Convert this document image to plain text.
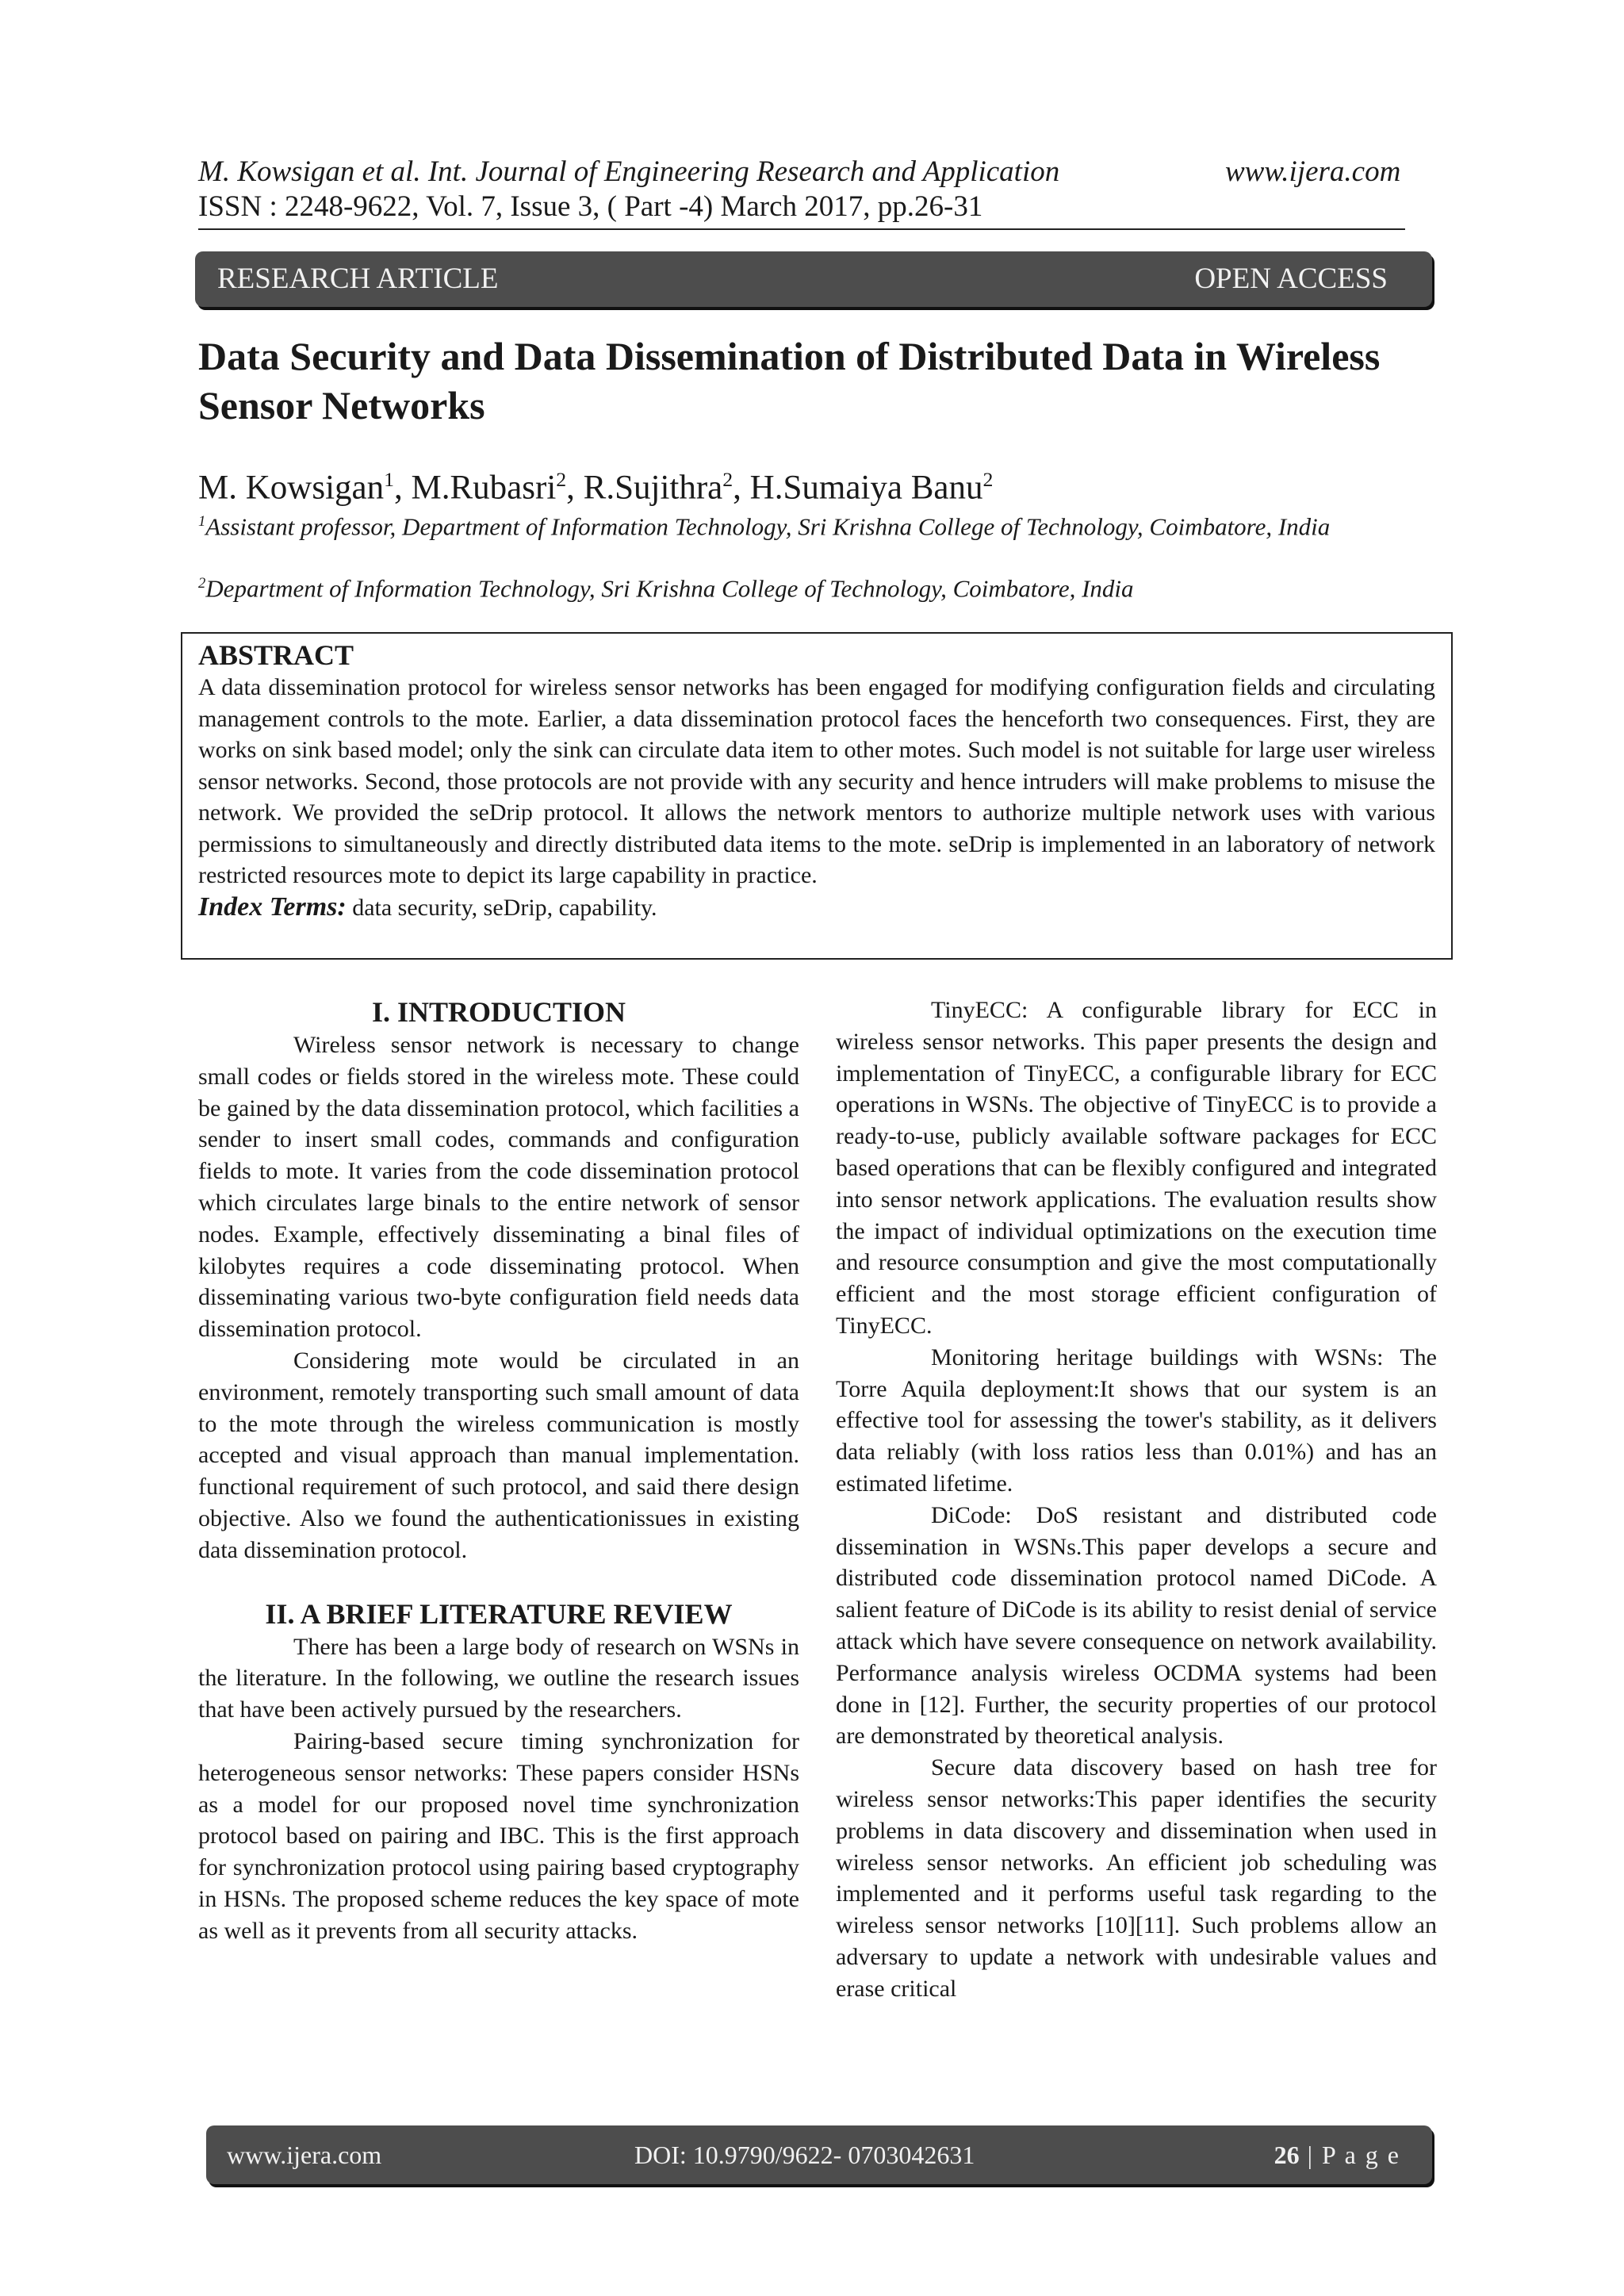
M. Kowsigan et al. Int. Journal of Engineering Research and Application	www.ijera.com
ISSN : 2248-9622, Vol. 7, Issue 3, ( Part -4) March 2017, pp.26-31
RESEARCH ARTICLE	OPEN ACCESS
Data Security and Data Dissemination of Distributed Data in Wireless Sensor Networks
M. Kowsigan$^1$, M.Rubasri$^2$, R.Sujithra$^2$, H.Sumaiya Banu$^2$
$^1$Assistant professor, Department of Information Technology, Sri Krishna College of Technology, Coimbatore, India
$^2$Department of Information Technology, Sri Krishna College of Technology, Coimbatore, India
ABSTRACT
A data dissemination protocol for wireless sensor networks has been engaged for modifying configuration fields and circulating management controls to the mote. Earlier, a data dissemination protocol faces the henceforth two consequences. First, they are works on sink based model; only the sink can circulate data item to other motes. Such model is not suitable for large user wireless sensor networks. Second, those protocols are not provide with any security and hence intruders will make problems to misuse the network. We provided the seDrip protocol. It allows the network mentors to authorize multiple network uses with various permissions to simultaneously and directly distributed data items to the mote. seDrip is implemented in an laboratory of network restricted resources mote to depict its large capability in practice.
Index Terms: data security, seDrip, capability.
I. INTRODUCTION

Wireless sensor network is necessary to change small codes or fields stored in the wireless mote. These could be gained by the data dissemination protocol, which facilities a sender to insert small codes, commands and configuration fields to mote. It varies from the code dissemination protocol which circulates large binals to the entire network of sensor nodes. Example, effectively disseminating a binal files of kilobytes requires a code disseminating protocol. When disseminating various two-byte configuration field needs data dissemination protocol.

Considering mote would be circulated in an environment, remotely transporting such small amount of data to the mote through the wireless communication is mostly accepted and visual approach than manual implementation. functional requirement of such protocol, and said there design objective. Also we found the authenticationissues in existing data dissemination protocol.

II. A BRIEF LITERATURE REVIEW

There has been a large body of research on WSNs in the literature. In the following, we outline the research issues that have been actively pursued by the researchers.

Pairing-based secure timing synchronization for heterogeneous sensor networks: These papers consider HSNs as a model for our proposed novel time synchronization protocol based on pairing and IBC. This is the first approach for synchronization protocol using pairing based cryptography in HSNs. The proposed scheme reduces the key space of mote as well as it prevents from all security attacks.

TinyECC: A configurable library for ECC in wireless sensor networks. This paper presents the design and implementation of TinyECC, a configurable library for ECC operations in WSNs. The objective of TinyECC is to provide a ready-to-use, publicly available software packages for ECC based operations that can be flexibly configured and integrated into sensor network applications. The evaluation results show the impact of individual optimizations on the execution time and resource consumption and give the most computationally efficient and the most storage efficient configuration of TinyECC.

Monitoring heritage buildings with WSNs: The Torre Aquila deployment:It shows that our system is an effective tool for assessing the tower's stability, as it delivers data reliably (with loss ratios less than 0.01%) and has an estimated lifetime.

DiCode: DoS resistant and distributed code dissemination in WSNs.This paper develops a secure and distributed code dissemination protocol named DiCode. A salient feature of DiCode is its ability to resist denial of service attack which have severe consequence on network availability. Performance analysis wireless OCDMA systems had been done in [12]. Further, the security properties of our protocol are demonstrated by theoretical analysis.

Secure data discovery based on hash tree for wireless sensor networks:This paper identifies the security problems in data discovery and dissemination when used in wireless sensor networks. An efficient job scheduling was implemented and it performs useful task regarding to the wireless sensor networks [10][11]. Such problems allow an adversary to update a network with undesirable values and erase critical

www.ijera.com	DOI: 10.9790/9622- 0703042631	26 | P a g e
